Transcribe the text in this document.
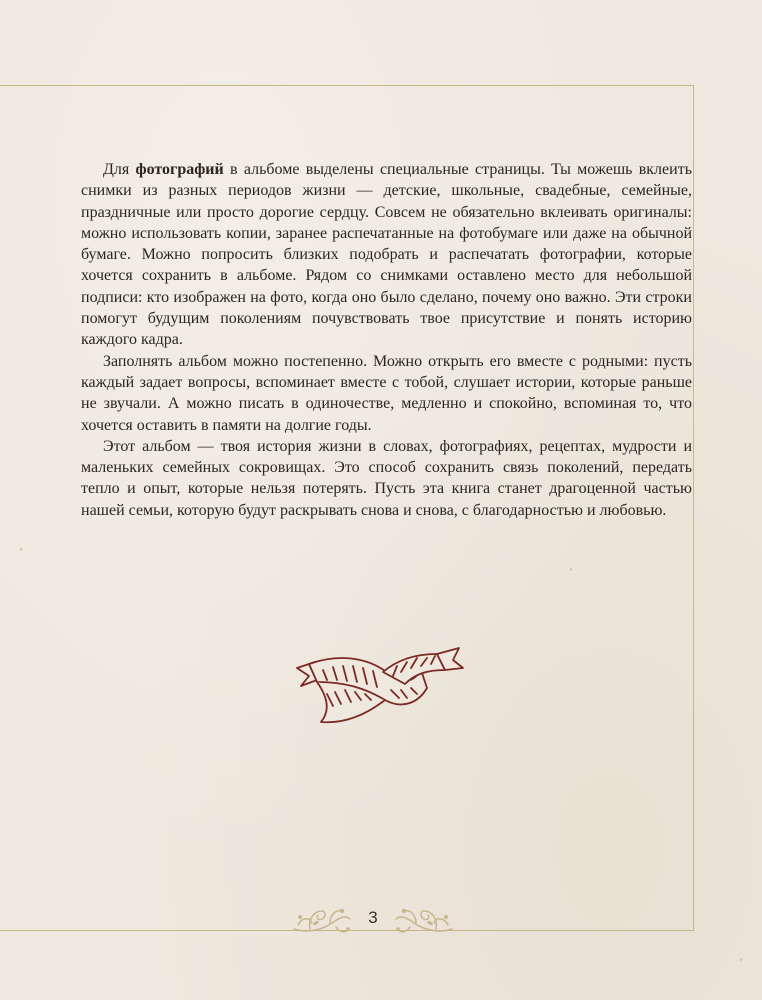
Для фотографий в альбоме выделены специальные страницы. Ты можешь вклеить снимки из разных периодов жизни — детские, школьные, свадебные, семейные, праздничные или просто дорогие сердцу. Совсем не обязательно вклеивать оригиналы: можно использовать копии, заранее распечатанные на фотобумаге или даже на обычной бумаге. Можно попросить близких подобрать и распечатать фотографии, которые хочется сохранить в альбоме. Рядом со снимками оставлено место для небольшой подписи: кто изображен на фото, когда оно было сделано, почему оно важно. Эти строки помогут будущим поколениям почувствовать твое присутствие и понять историю каждого кадра.

Заполнять альбом можно постепенно. Можно открыть его вместе с родными: пусть каждый задает вопросы, вспоминает вместе с тобой, слушает истории, которые раньше не звучали. А можно писать в одиночестве, медленно и спокойно, вспоминая то, что хочется оставить в памяти на долгие годы.

Этот альбом — твоя история жизни в словах, фотографиях, рецептах, мудрости и маленьких семейных сокровищах. Это способ сохранить связь поколений, передать тепло и опыт, которые нельзя потерять. Пусть эта книга станет драгоценной частью нашей семьи, которую будут раскрывать снова и снова, с благодарностью и любовью.

3
